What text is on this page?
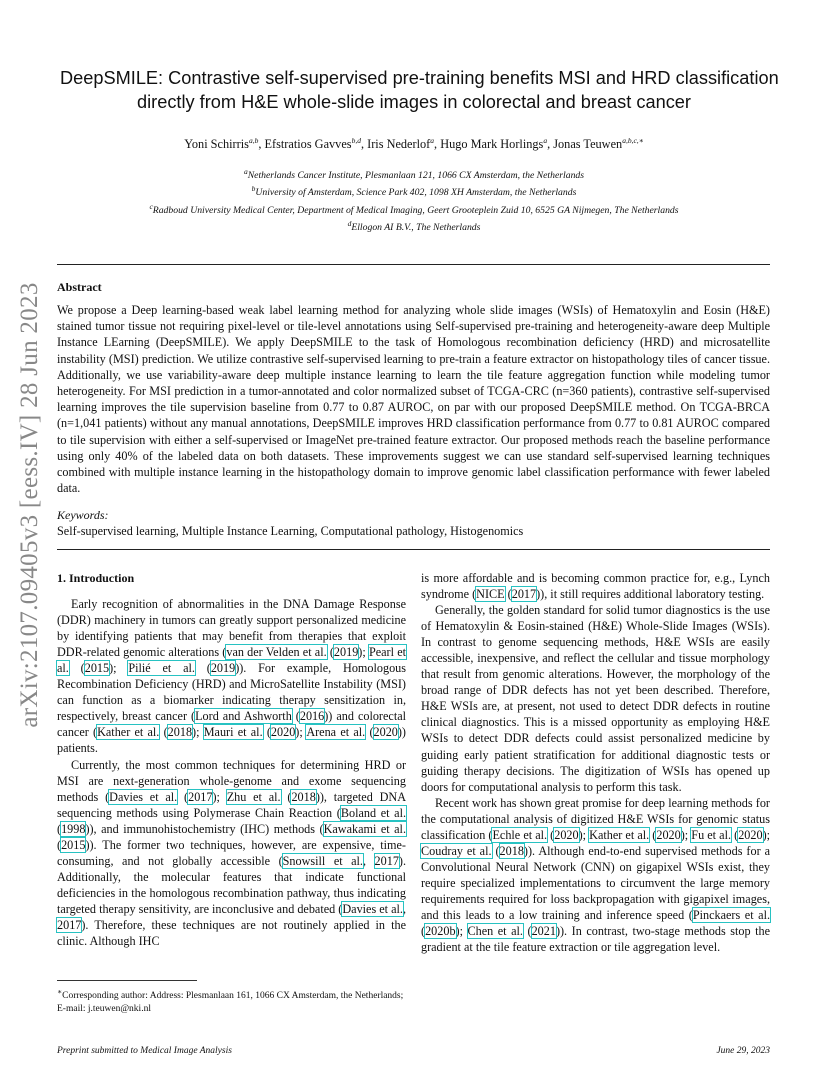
arXiv:2107.09405v3 [eess.IV] 28 Jun 2023
DeepSMILE: Contrastive self-supervised pre-training benefits MSI and HRD classification
directly from H&E whole-slide images in colorectal and breast cancer
Yoni Schirris$^{a,b}$, Efstratios Gavves$^{b,d}$, Iris Nederlof$^a$, Hugo Mark Horlings$^a$, Jonas Teuwen$^{a,b,c,∗}$
$^a$Netherlands Cancer Institute, Plesmanlaan 121, 1066 CX Amsterdam, the Netherlands
$^b$University of Amsterdam, Science Park 402, 1098 XH Amsterdam, the Netherlands
$^c$Radboud University Medical Center, Department of Medical Imaging, Geert Grooteplein Zuid 10, 6525 GA Nijmegen, The Netherlands
$^d$Ellogon AI B.V., The Netherlands
Abstract
We propose a Deep learning-based weak label learning method for analyzing whole slide images (WSIs) of Hematoxylin and Eosin (H&E) stained tumor tissue not requiring pixel-level or tile-level annotations using Self-supervised pre-training and heterogeneity-aware deep Multiple Instance LEarning (DeepSMILE). We apply DeepSMILE to the task of Homologous recombination deficiency (HRD) and microsatellite instability (MSI) prediction. We utilize contrastive self-supervised learning to pre-train a feature extractor on histopathology tiles of cancer tissue. Additionally, we use variability-aware deep multiple instance learning to learn the tile feature aggregation function while modeling tumor heterogeneity. For MSI prediction in a tumor-annotated and color normalized subset of TCGA-CRC (n=360 patients), contrastive self-supervised learning improves the tile supervision baseline from 0.77 to 0.87 AUROC, on par with our proposed DeepSMILE method. On TCGA-BRCA (n=1,041 patients) without any manual annotations, DeepSMILE improves HRD classification performance from 0.77 to 0.81 AUROC compared to tile supervision with either a self-supervised or ImageNet pre-trained feature extractor. Our proposed methods reach the baseline performance using only 40% of the labeled data on both datasets. These improvements suggest we can use standard self-supervised learning techniques combined with multiple instance learning in the histopathology domain to improve genomic label classification performance with fewer labeled data.
Keywords:
Self-supervised learning, Multiple Instance Learning, Computational pathology, Histogenomics
1. Introduction

Early recognition of abnormalities in the DNA Damage Response (DDR) machinery in tumors can greatly support personalized medicine by identifying patients that may benefit from therapies that exploit DDR-related genomic alterations (van der Velden et al. (2019); Pearl et al. (2015); Pilié et al. (2019)). For example, Homologous Recombination Deficiency (HRD) and MicroSatellite Instability (MSI) can function as a biomarker indicating therapy sensitization in, respectively, breast cancer (Lord and Ashworth (2016)) and colorectal cancer (Kather et al. (2018); Mauri et al. (2020); Arena et al. (2020)) patients.

Currently, the most common techniques for determining HRD or MSI are next-generation whole-genome and exome sequencing methods (Davies et al. (2017); Zhu et al. (2018)), targeted DNA sequencing methods using Polymerase Chain Reaction (Boland et al. (1998)), and immunohistochemistry (IHC) methods (Kawakami et al. (2015)). The former two techniques, however, are expensive, time-consuming, and not globally accessible (Snowsill et al., 2017). Additionally, the molecular features that indicate functional deficiencies in the homologous recombination pathway, thus indicating targeted therapy sensitivity, are inconclusive and debated (Davies et al., 2017). Therefore, these techniques are not routinely applied in the clinic. Although IHC

is more affordable and is becoming common practice for, e.g., Lynch syndrome (NICE (2017)), it still requires additional laboratory testing.

Generally, the golden standard for solid tumor diagnostics is the use of Hematoxylin & Eosin-stained (H&E) Whole-Slide Images (WSIs). In contrast to genome sequencing methods, H&E WSIs are easily accessible, inexpensive, and reflect the cellular and tissue morphology that result from genomic alterations. However, the morphology of the broad range of DDR defects has not yet been described. Therefore, H&E WSIs are, at present, not used to detect DDR defects in routine clinical diagnostics. This is a missed opportunity as employing H&E WSIs to detect DDR defects could assist personalized medicine by guiding early patient stratification for additional diagnostic tests or guiding therapy decisions. The digitization of WSIs has opened up doors for computational analysis to perform this task.

Recent work has shown great promise for deep learning methods for the computational analysis of digitized H&E WSIs for genomic status classification (Echle et al. (2020); Kather et al. (2020); Fu et al. (2020); Coudray et al. (2018)). Although end-to-end supervised methods for a Convolutional Neural Network (CNN) on gigapixel WSIs exist, they require specialized implementations to circumvent the large memory requirements required for loss backpropagation with gigapixel images, and this leads to a low training and inference speed (Pinckaers et al. (2020b); Chen et al. (2021)). In contrast, two-stage methods stop the gradient at the tile feature extraction or tile aggregation level.

∗Corresponding author: Address: Plesmanlaan 161, 1066 CX Amsterdam, the Netherlands; E-mail: j.teuwen@nki.nl
Preprint submitted to Medical Image Analysis	June 29, 2023
